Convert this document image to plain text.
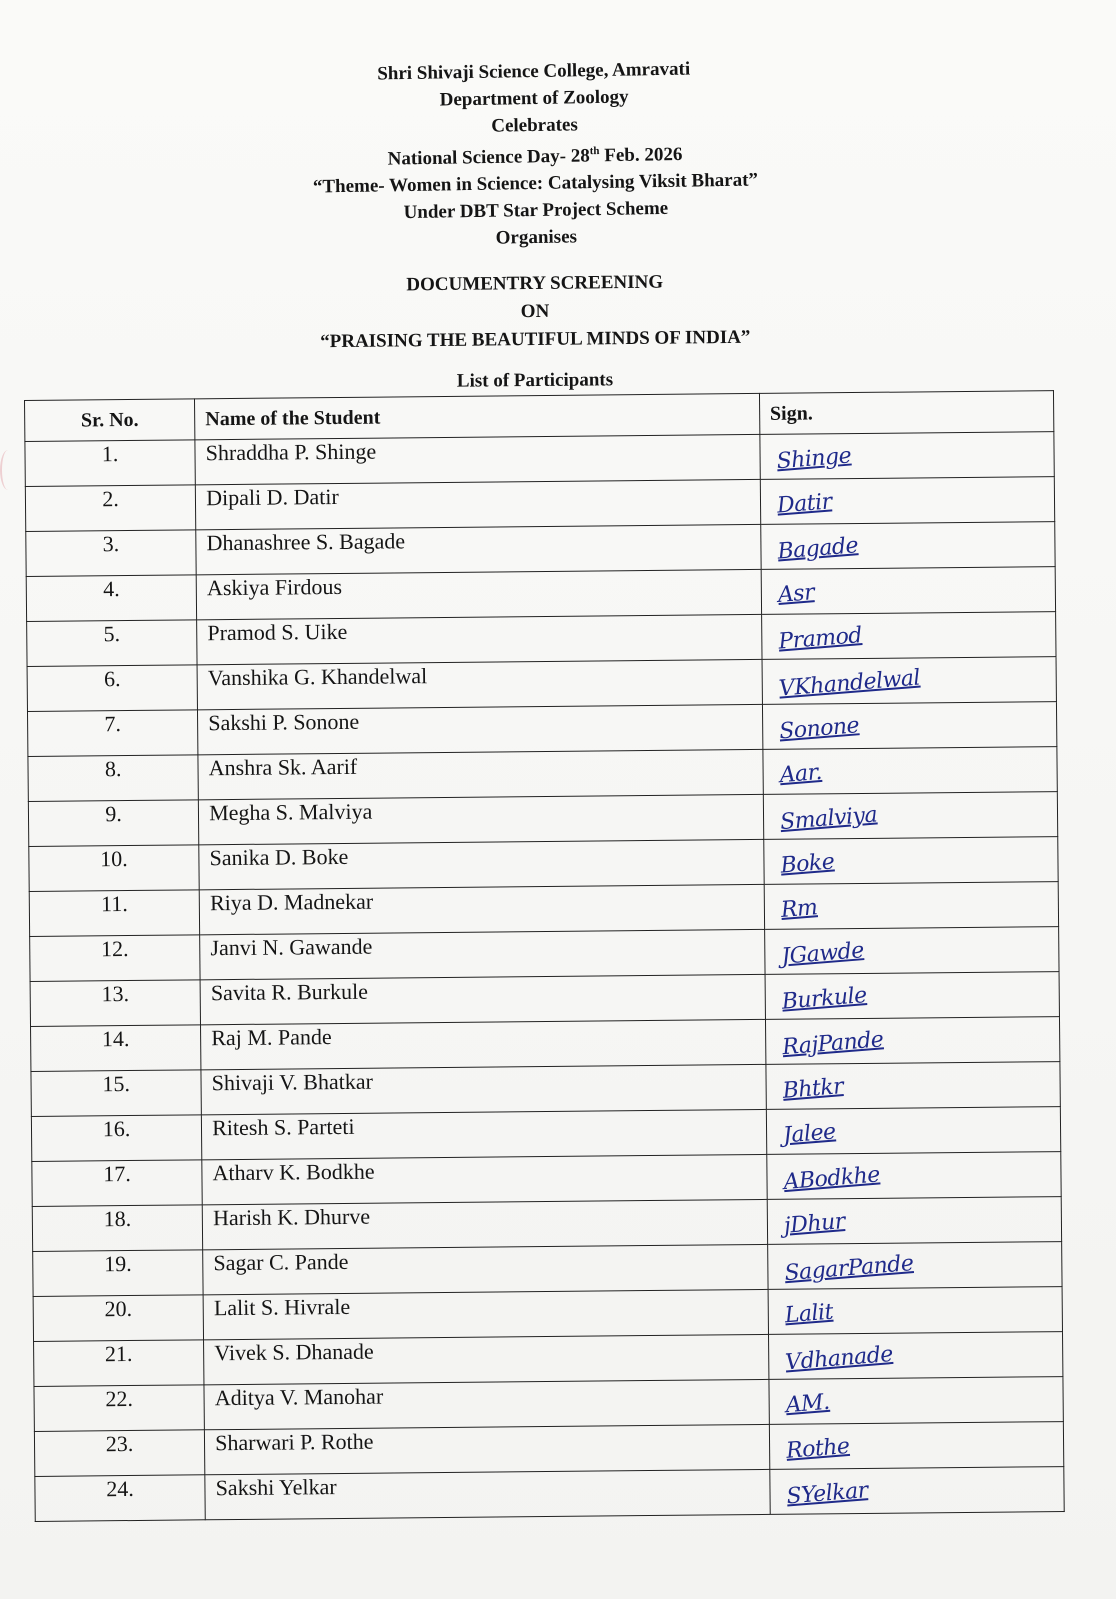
Shri Shivaji Science College, Amravati
Department of Zoology
Celebrates
National Science Day- 28th Feb. 2026
“Theme- Women in Science: Catalysing Viksit Bharat”
Under DBT Star Project Scheme
Organises
DOCUMENTRY SCREENING
ON
“PRAISING THE BEAUTIFUL MINDS OF INDIA”
List of Participants
Sr. No.	Name of the Student	Sign.
1.	Shraddha P. Shinge	Shinge

2.	Dipali D. Datir	Datir

3.	Dhanashree S. Bagade	Bagade

4.	Askiya Firdous	Asr

5.	Pramod S. Uike	Pramod

6.	Vanshika G. Khandelwal	VKhandelwal

7.	Sakshi P. Sonone	Sonone

8.	Anshra Sk. Aarif	Aar.

9.	Megha S. Malviya	Smalviya

10.	Sanika D. Boke	Boke

11.	Riya D. Madnekar	Rm

12.	Janvi N. Gawande	JGawde

13.	Savita R. Burkule	Burkule

14.	Raj M. Pande	RajPande

15.	Shivaji V. Bhatkar	Bhtkr

16.	Ritesh S. Parteti	Jalee

17.	Atharv K. Bodkhe	ABodkhe

18.	Harish K. Dhurve	jDhur

19.	Sagar C. Pande	SagarPande

20.	Lalit S. Hivrale	Lalit

21.	Vivek S. Dhanade	Vdhanade

22.	Aditya V. Manohar	AM.

23.	Sharwari P. Rothe	Rothe

24.	Sakshi Yelkar	SYelkar
